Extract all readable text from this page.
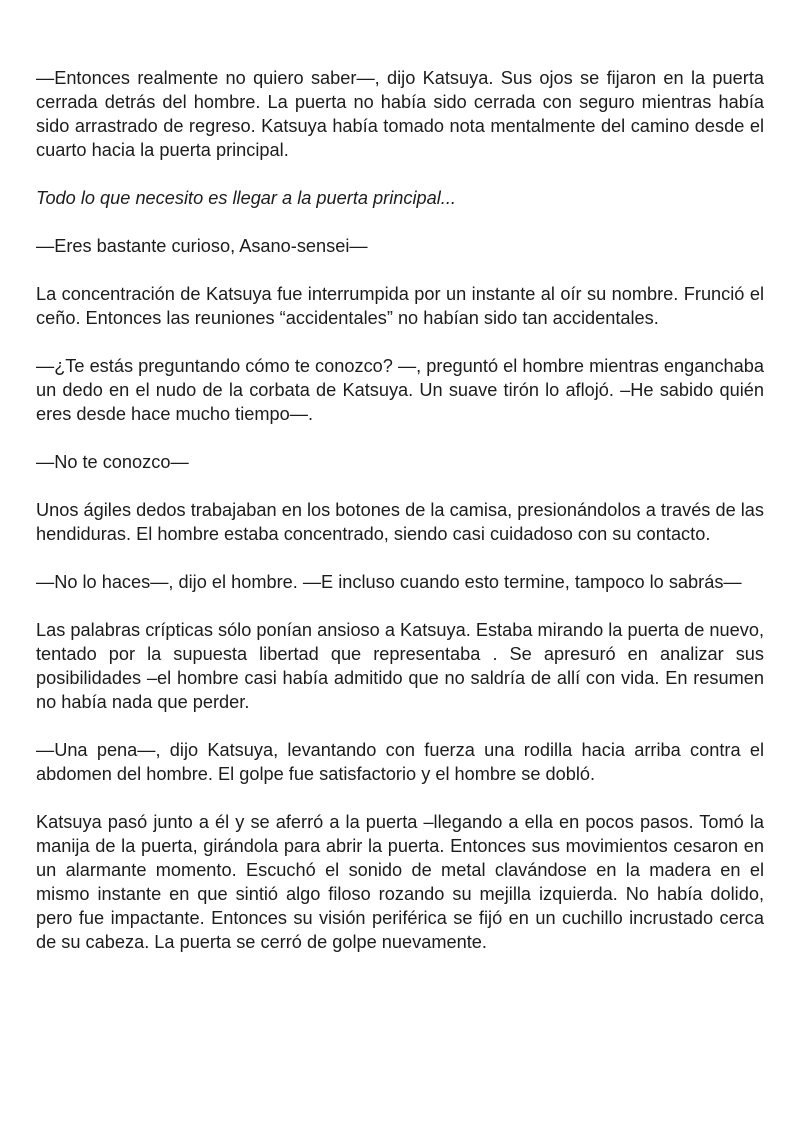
—Entonces realmente no quiero saber—, dijo Katsuya. Sus ojos se fijaron en la puerta cerrada detrás del hombre. La puerta no había sido cerrada con seguro mientras había sido arrastrado de regreso. Katsuya había tomado nota mentalmente del camino desde el cuarto hacia la puerta principal.

Todo lo que necesito es llegar a la puerta principal...

—Eres bastante curioso, Asano-sensei—

La concentración de Katsuya fue interrumpida por un instante al oír su nombre. Frunció el ceño. Entonces las reuniones “accidentales” no habían sido tan accidentales.

—¿Te estás preguntando cómo te conozco? —, preguntó el hombre mientras enganchaba un dedo en el nudo de la corbata de Katsuya. Un suave tirón lo aflojó. –He sabido quién eres desde hace mucho tiempo—.

—No te conozco—

Unos ágiles dedos trabajaban en los botones de la camisa, presionándolos a través de las hendiduras. El hombre estaba concentrado, siendo casi cuidadoso con su contacto.

—No lo haces—, dijo el hombre. —E incluso cuando esto termine, tampoco lo sabrás—

Las palabras crípticas sólo ponían ansioso a Katsuya. Estaba mirando la puerta de nuevo, tentado por la supuesta libertad que representaba . Se apresuró en analizar sus posibilidades –el hombre casi había admitido que no saldría de allí con vida. En resumen no había nada que perder.

—Una pena—, dijo Katsuya, levantando con fuerza una rodilla hacia arriba contra el abdomen del hombre. El golpe fue satisfactorio y el hombre se dobló.

Katsuya pasó junto a él y se aferró a la puerta –llegando a ella en pocos pasos. Tomó la manija de la puerta, girándola para abrir la puerta. Entonces sus movimientos cesaron en un alarmante momento. Escuchó el sonido de metal clavándose en la madera en el mismo instante en que sintió algo filoso rozando su mejilla izquierda. No había dolido, pero fue impactante. Entonces su visión periférica se fijó en un cuchillo incrustado cerca de su cabeza. La puerta se cerró de golpe nuevamente.
